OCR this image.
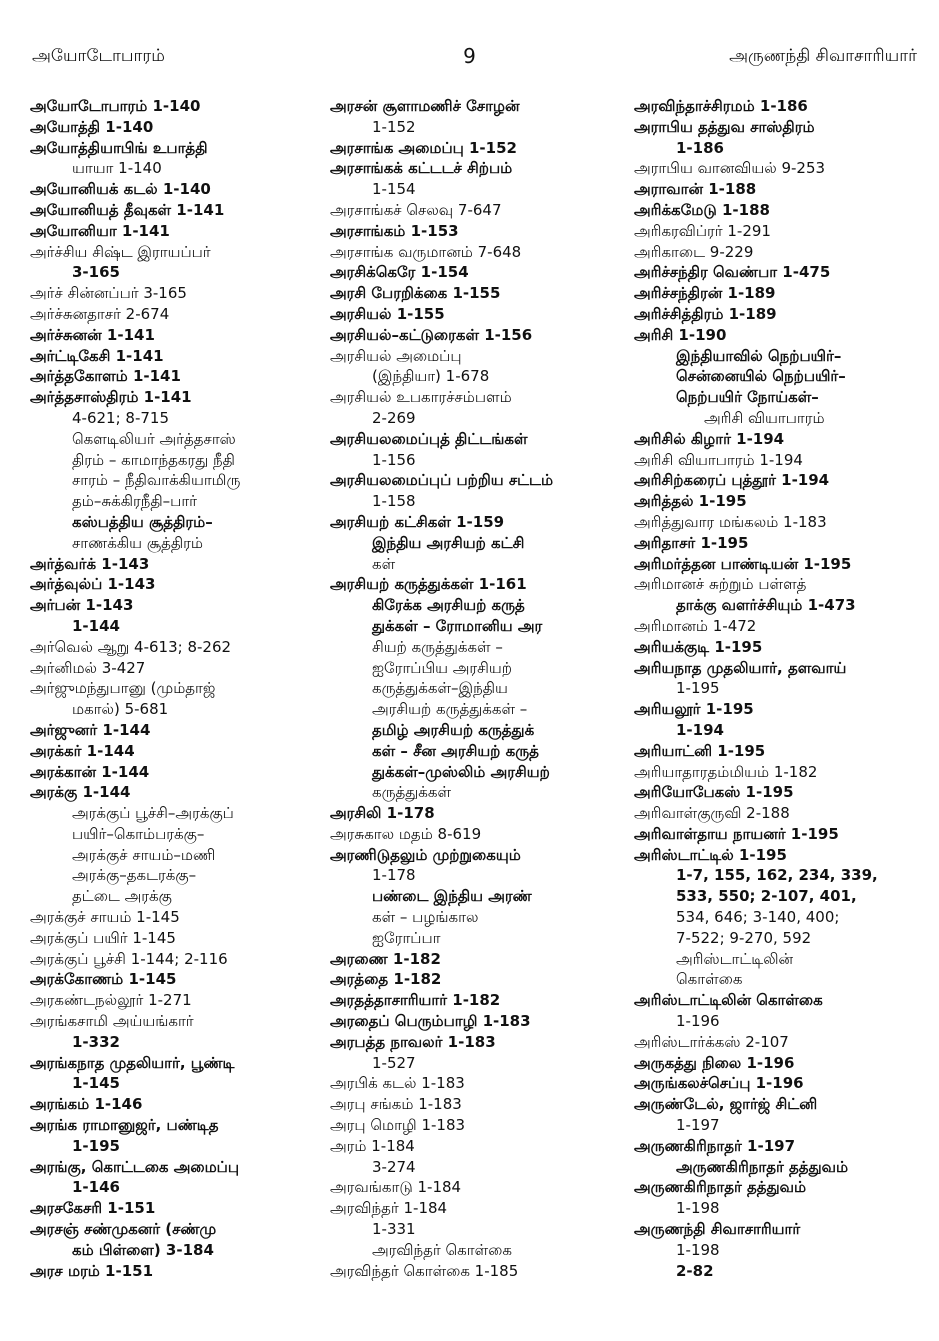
அயோடோபாரம்	9	அருணந்தி சிவாசாரியார்
அயோடோபாரம் 1-140
அயோத்தி 1-140
அயோத்தியாபிங் உபாத்தி
யாயா 1-140
அயோனியக் கடல் 1-140
அயோனியத் தீவுகள் 1-141
அயோனியா 1-141
அர்ச்சிய சிஷ்ட இராயப்பர்
3-165
அர்ச் சின்னப்பர் 3-165
அர்ச்சுனதாசர் 2-674
அர்ச்சுனன் 1-141
அர்ட்டிகேசி 1-141
அர்த்தகோளம் 1-141
அர்த்தசாஸ்திரம் 1-141
4-621; 8-715
கௌடிலியர் அர்த்தசாஸ்
திரம் – காமாந்தகரது நீதி
சாரம் – நீதிவாக்கியாமிரு
தம்–சுக்கிரநீதி–பார்
கஸ்பத்திய சூத்திரம்–
சாணக்கிய சூத்திரம்
அர்த்வர்க் 1-143
அர்த்வுல்ப் 1-143
அர்பன் 1-143
1-144
அர்வெல் ஆறு 4-613; 8-262
அர்னிமல் 3-427
அர்ஜுமந்துபானு (மும்தாஜ்
மகால்) 5-681
அர்ஜுனர் 1-144
அரக்கர் 1-144
அரக்கான் 1-144
அரக்கு 1-144
அரக்குப் பூச்சி–அரக்குப்
பயிர்–கொம்பரக்கு–
அரக்குச் சாயம்–மணி
அரக்கு–தகடரக்கு–
தட்டை அரக்கு
அரக்குச் சாயம் 1-145
அரக்குப் பயிர் 1-145
அரக்குப் பூச்சி 1-144; 2-116
அரக்கோணம் 1-145
அரகண்டநல்லூர் 1-271
அரங்கசாமி அய்யங்கார்
1-332
அரங்கநாத முதலியார், பூண்டி
1-145
அரங்கம் 1-146
அரங்க ராமானுஜர், பண்டித
1-195
அரங்கு, கொட்டகை அமைப்பு
1-146
அரசகேசரி 1-151
அரசஞ் சண்முகனர் (சண்மு
கம் பிள்ளை) 3-184
அரச மரம் 1-151
அரசன் சூளாமணிச் சோழன்
1-152
அரசாங்க அமைப்பு 1-152
அரசாங்கக் கட்டடச் சிற்பம்
1-154
அரசாங்கச் செலவு 7-647
அரசாங்கம் 1-153
அரசாங்க வருமானம் 7-648
அரசிக்கெரே 1-154
அரசி பேரறிக்கை 1-155
அரசியல் 1-155
அரசியல்–கட்டுரைகள் 1-156
அரசியல் அமைப்பு
(இந்தியா) 1-678
அரசியல் உபகாரச்சம்பளம்
2-269
அரசியலமைப்புத் திட்டங்கள்
1-156
அரசியலமைப்புப் பற்றிய சட்டம்
1-158
அரசியற் கட்சிகள் 1-159
இந்திய அரசியற் கட்சி
கள்
அரசியற் கருத்துக்கள் 1-161
கிரேக்க அரசியற் கருத்
துக்கள் – ரோமானிய அர
சியற் கருத்துக்கள் –
ஐரோப்பிய அரசியற்
கருத்துக்கள்–இந்திய
அரசியற் கருத்துக்கள் –
தமிழ் அரசியற் கருத்துக்
கள் – சீன அரசியற் கருத்
துக்கள்–முஸ்லிம் அரசியற்
கருத்துக்கள்
அரசிலி 1-178
அரசுகால மதம் 8-619
அரணிடுதலும் முற்றுகையும்
1-178
பண்டை இந்திய அரண்
கள் – பழங்கால
ஐரோப்பா
அரணை 1-182
அரத்தை 1-182
அரதத்தாசாரியார் 1-182
அரதைப் பெரும்பாழி 1-183
அரபத்த நாவலர் 1-183
1-527
அரபிக் கடல் 1-183
அரபு சங்கம் 1-183
அரபு மொழி 1-183
அரம் 1-184
3-274
அரவங்காடு 1-184
அரவிந்தர் 1-184
1-331
அரவிந்தர் கொள்கை
அரவிந்தர் கொள்கை 1-185
அரவிந்தாச்சிரமம் 1-186
அராபிய தத்துவ சாஸ்திரம்
1-186
அராபிய வானவியல் 9-253
அராவான் 1-188
அரிக்கமேடு 1-188
அரிகரவிப்ரர் 1-291
அரிகாடை 9-229
அரிச்சந்திர வெண்பா 1-475
அரிச்சந்திரன் 1-189
அரிச்சித்திரம் 1-189
அரிசி 1-190
இந்தியாவில் நெற்பயிர்–
சென்னையில் நெற்பயிர்–
நெற்பயிர் நோய்கள்–
அரிசி வியாபாரம்
அரிசில் கிழார் 1-194
அரிசி வியாபாரம் 1-194
அரிசிற்கரைப் புத்தூர் 1-194
அரித்தல் 1-195
அரித்துவார மங்கலம் 1-183
அரிதாசர் 1-195
அரிமர்த்தன பாண்டியன் 1-195
அரிமானச் சுற்றும் பள்ளத்
தாக்கு வளர்ச்சியும் 1-473
அரிமானம் 1-472
அரியக்குடி 1-195
அரியநாத முதலியார், தளவாய்
1-195
அரியலூர் 1-195
1-194
அரியாட்னி 1-195
அரியாதாரதம்மியம் 1-182
அரியோபேகஸ் 1-195
அரிவாள்குருவி 2-188
அரிவாள்தாய நாயனர் 1-195
அரிஸ்டாட்டில் 1-195
1-7, 155, 162, 234, 339,
533, 550; 2-107, 401,
534, 646; 3-140, 400;
7-522; 9-270, 592
அரிஸ்டாட்டிலின்
கொள்கை
அரிஸ்டாட்டிலின் கொள்கை
1-196
அரிஸ்டார்க்கஸ் 2-107
அருகத்து நிலை 1-196
அருங்கலச்செப்பு 1-196
அருண்டேல், ஜார்ஜ் சிட்னி
1-197
அருணகிரிநாதர் 1-197
அருணகிரிநாதர் தத்துவம்
அருணகிரிநாதர் தத்துவம்
1-198
அருணந்தி சிவாசாரியார்
1-198
2-82
